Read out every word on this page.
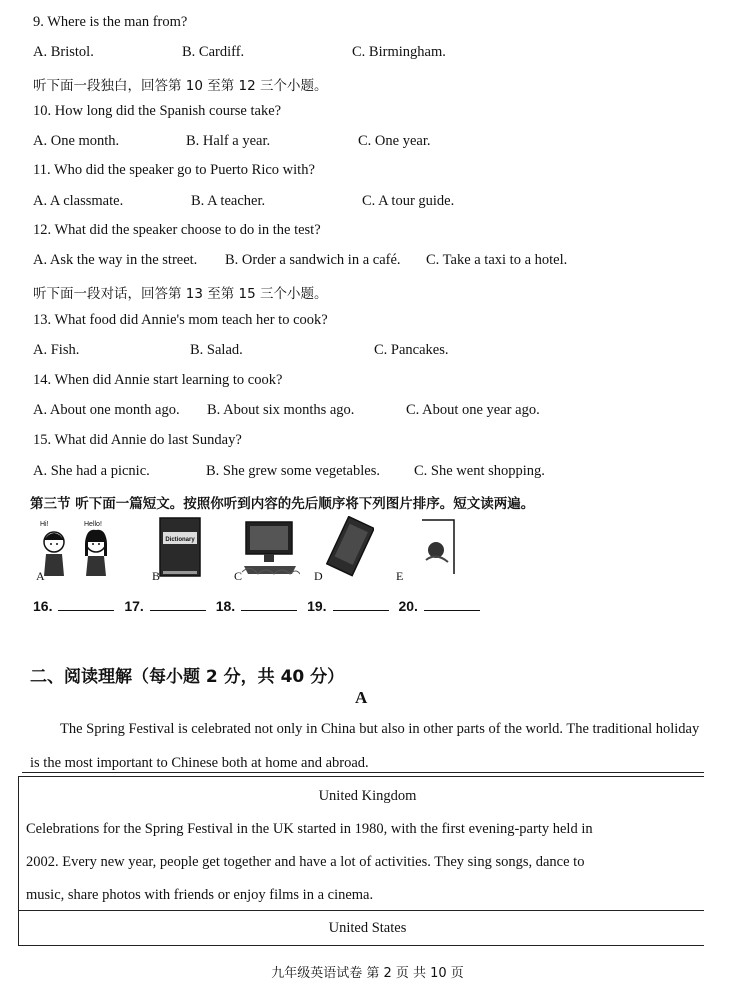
9. Where is the man from?
A. Bristol.	B. Cardiff.	C. Birmingham.
听下面一段独白，回答第 10 至第 12 三个小题。
10. How long did the Spanish course take?
A. One month.	B. Half a year.	C. One year.
11. Who did the speaker go to Puerto Rico with?
A. A classmate.	B. A teacher.	C. A tour guide.
12. What did the speaker choose to do in the test?
A. Ask the way in the street. B. Order a sandwich in a café. C. Take a taxi to a hotel.
听下面一段对话，回答第 13 至第 15 三个小题。
13. What food did Annie's mom teach her to cook?
A. Fish.	B. Salad.	C. Pancakes.
14. When did Annie start learning to cook?
A. About one month ago. B. About six months ago.	C. About one year ago.
15. What did Annie do last Sunday?
A. She had a picnic.	B. She grew some vegetables. C. She went shopping.
第三节 听下面一篇短文。按照你听到内容的先后顺序将下列图片排序。短文读两遍。
Hi!	Hello!
A
Dictionary
B	C	D	E
16.	17.	18.	19.	20.
二、阅读理解（每小题 2 分，共 40 分）
A
The Spring Festival is celebrated not only in China but also in other parts of the world. The traditional holiday is the most important to Chinese both at home and abroad.
United Kingdom
Celebrations for the Spring Festival in the UK started in 1980, with the first evening-party held in
2002. Every new year, people get together and have a lot of activities. They sing songs, dance to
music, share photos with friends or enjoy films in a cinema.
United States
九年级英语试卷 第 2 页 共 10 页
